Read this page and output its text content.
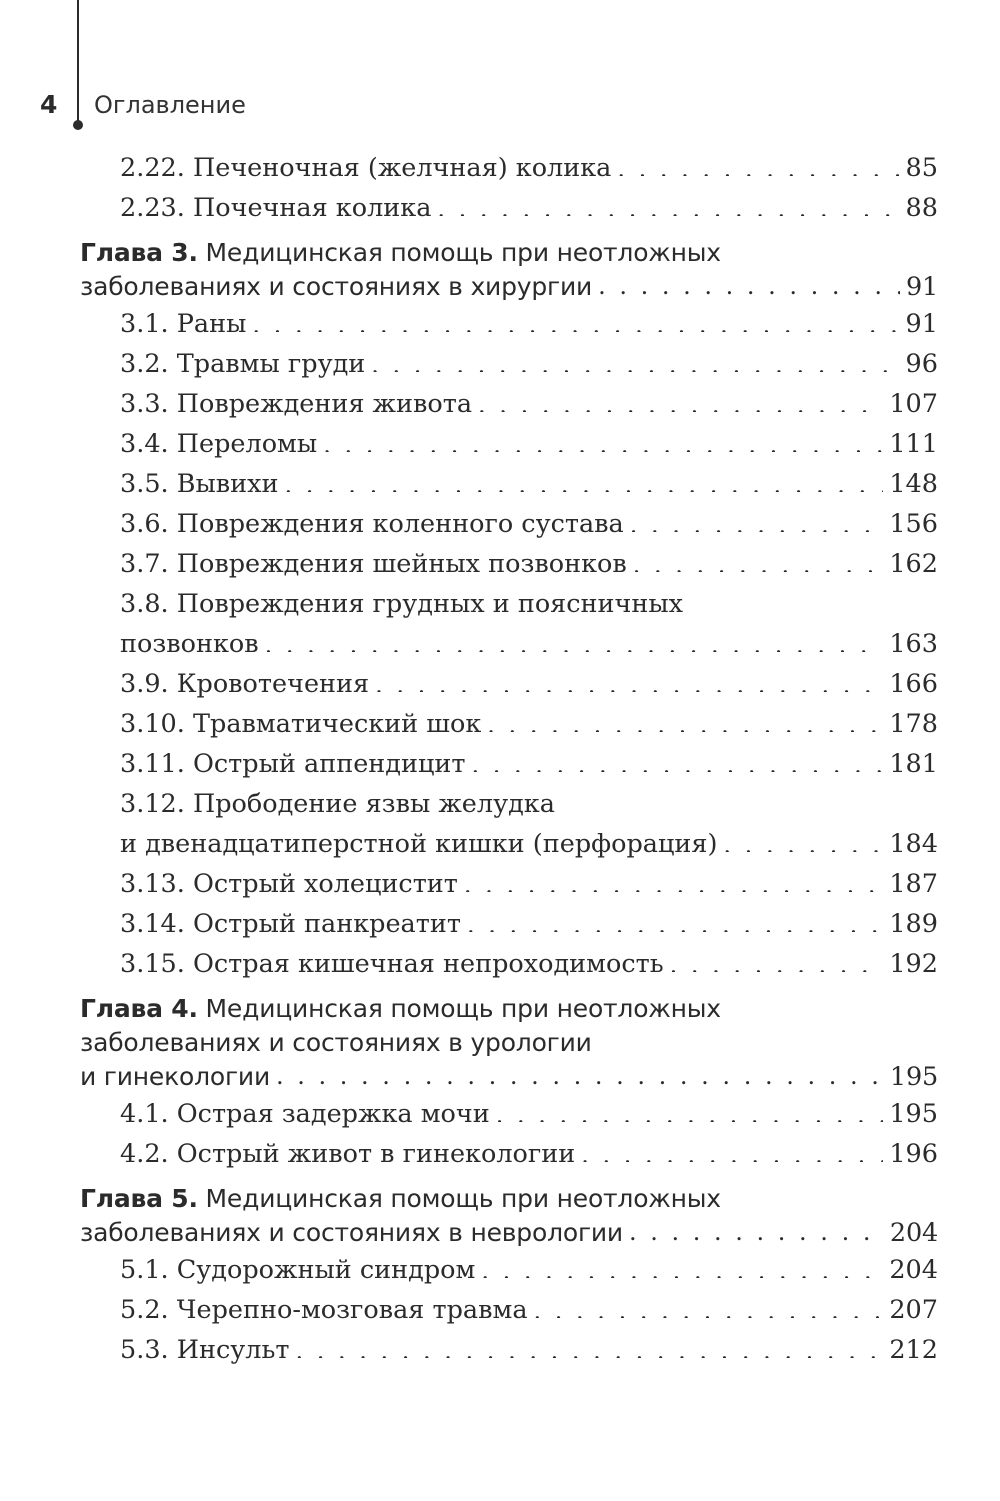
4 Оглавление
2.22. Печеночная (желчная) колика . . .	85
2.23. Почечная колика . . .	88
Глава 3. Медицинская помощь при неотложных
заболеваниях и состояниях в хирургии . . .	91
3.1. Раны . . .	91
3.2. Травмы груди . . .	96
3.3. Повреждения живота . . .	107
3.4. Переломы . . .	111
3.5. Вывихи . . .	148
3.6. Повреждения коленного сустава . . .	156
3.7. Повреждения шейных позвонков . . .	162
3.8. Повреждения грудных и поясничных
позвонков . . .	163
3.9. Кровотечения . . .	166
3.10. Травматический шок . . .	178
3.11. Острый аппендицит . . .	181
3.12. Прободение язвы желудка
и двенадцатиперстной кишки (перфорация) . . .	184
3.13. Острый холецистит . . .	187
3.14. Острый панкреатит . . .	189
3.15. Острая кишечная непроходимость . . .	192
Глава 4. Медицинская помощь при неотложных
заболеваниях и состояниях в урологии
и гинекологии . . .	195
4.1. Острая задержка мочи . . .	195
4.2. Острый живот в гинекологии . . .	196
Глава 5. Медицинская помощь при неотложных
заболеваниях и состояниях в неврологии . . .	204
5.1. Судорожный синдром . . .	204
5.2. Черепно-мозговая травма . . .	207
5.3. Инсульт . . .	212
